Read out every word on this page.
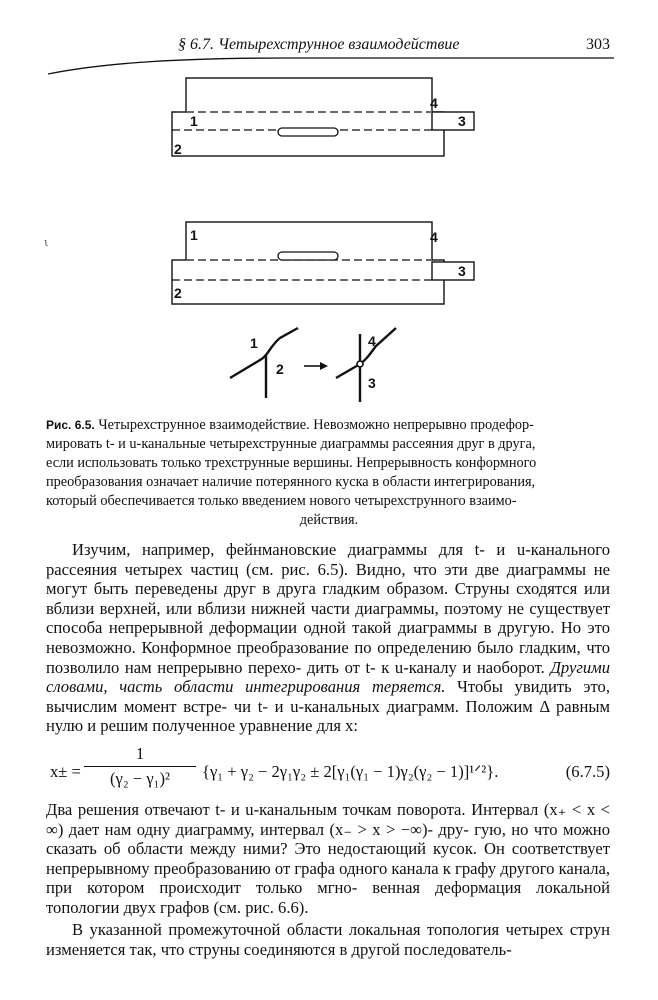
§ 6.7. Четырехструнное взаимодействие	303
1
2
3
4
ι	1
2
3
4
1
2
4
3
Рис. 6.5. Четырехструнное взаимодействие. Невозможно непрерывно продефор-
мировать t- и u-канальные четырехструнные диаграммы рассеяния друг в друга,
если использовать только трехструнные вершины. Непрерывность конформного
преобразования означает наличие потерянного куска в области интегрирования,
который обеспечивается только введением нового четырехструнного взаимо-
действия.
Изучим, например, фейнмановские диаграммы для t- и u-канального рассеяния четырех частиц (см. рис. 6.5). Видно, что эти две диаграммы не могут быть переведены друг в друга гладким образом. Струны сходятся или вблизи верхней, или вблизи нижней части диаграммы, поэтому не существует способа непрерывной деформации одной такой диаграммы в другую. Но это невозможно. Конформное преобразование по определению было гладким, что позволило нам непрерывно перехо- дить от t- к u-каналу и наоборот. Другими словами, часть области интегрирования теряется. Чтобы увидить это, вычислим момент встре- чи t- и u-канальных диаграмм. Положим Δ равным нулю и решим полученное уравнение для x:
$x\pm = \frac{1}{\text{(γ₂ − γ₁)²}} \{\gamma_1 + \gamma_2 - 2\gamma_1\gamma_2 \pm 2[\gamma_1(\gamma_1 - 1)\gamma_2(\gamma_2$ − 1)]¹ᐟ²}.	(6.7.5)
Два решения отвечают t- и u-канальным точкам поворота. Интервал (x₊ < x < ∞) дает нам одну диаграмму, интервал (x₋ > x > −∞)- дру- гую, но что можно сказать об области между ними? Это недостающий кусок. Он соответствует непрерывному преобразованию от графа одного канала к графу другого канала, при котором происходит только мгно- венная деформация локальной топологии двух графов (см. рис. 6.6).
В указанной промежуточной области локальная топология четырех струн изменяется так, что струны соединяются в другой последователь-
